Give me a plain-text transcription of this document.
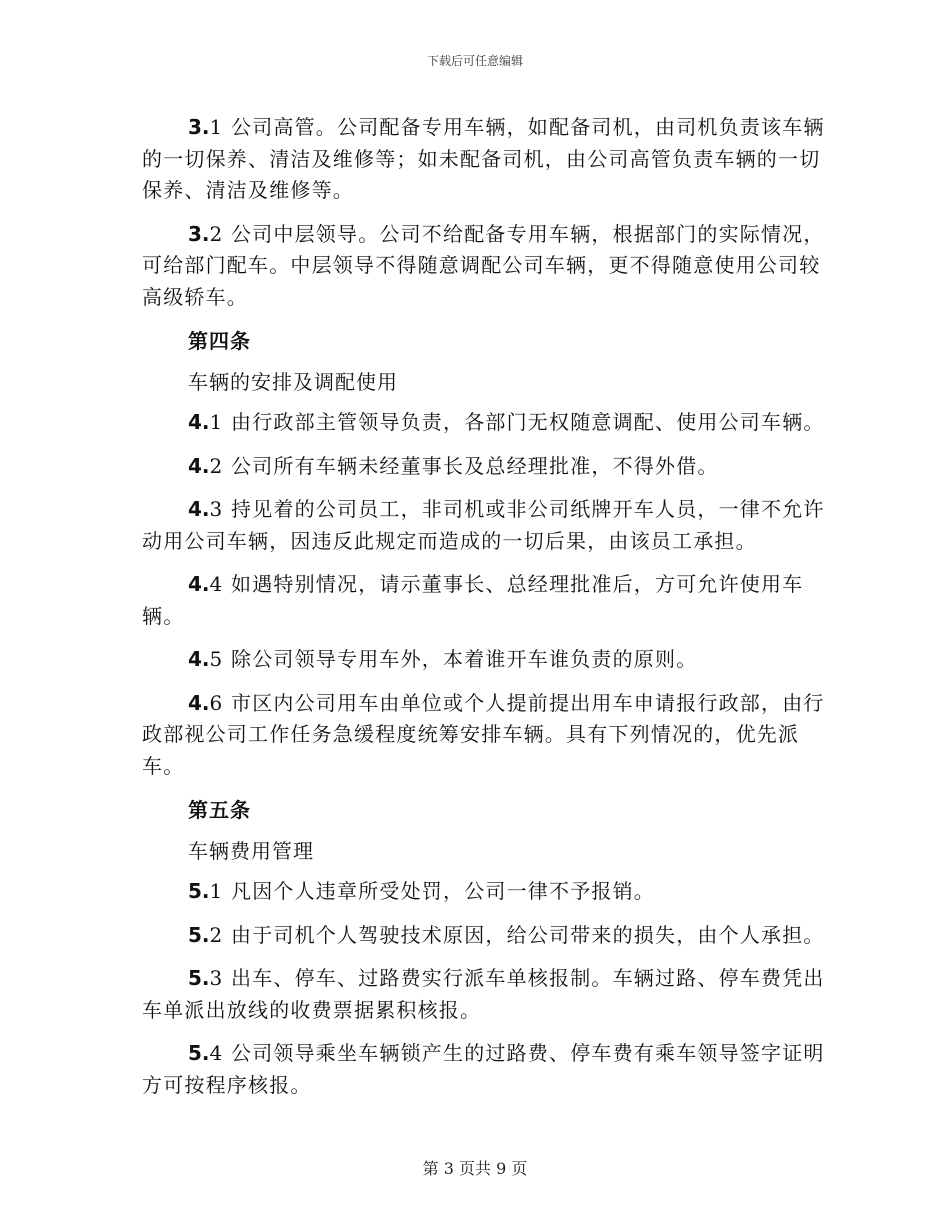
下载后可任意编辑

3.1 公司高管。公司配备专用车辆，如配备司机，由司机负责该车辆的一切保养、清洁及维修等；如未配备司机，由公司高管负责车辆的一切保养、清洁及维修等。

3.2 公司中层领导。公司不给配备专用车辆，根据部门的实际情况，可给部门配车。中层领导不得随意调配公司车辆，更不得随意使用公司较高级轿车。

第四条
车辆的安排及调配使用

4.1 由行政部主管领导负责，各部门无权随意调配、使用公司车辆。

4.2 公司所有车辆未经董事长及总经理批准，不得外借。

4.3 持见着的公司员工，非司机或非公司纸牌开车人员，一律不允许动用公司车辆，因违反此规定而造成的一切后果，由该员工承担。

4.4 如遇特别情况，请示董事长、总经理批准后，方可允许使用车辆。

4.5 除公司领导专用车外，本着谁开车谁负责的原则。

4.6 市区内公司用车由单位或个人提前提出用车申请报行政部，由行政部视公司工作任务急缓程度统筹安排车辆。具有下列情况的，优先派车。

第五条
车辆费用管理

5.1 凡因个人违章所受处罚，公司一律不予报销。

5.2 由于司机个人驾驶技术原因，给公司带来的损失，由个人承担。

5.3 出车、停车、过路费实行派车单核报制。车辆过路、停车费凭出车单派出放线的收费票据累积核报。

5.4 公司领导乘坐车辆锁产生的过路费、停车费有乘车领导签字证明方可按程序核报。

第 3 页共 9 页
